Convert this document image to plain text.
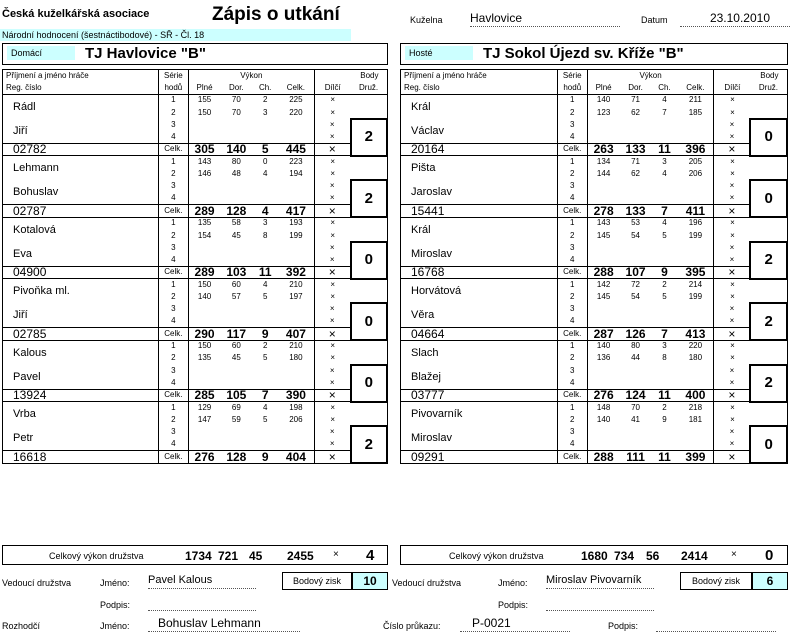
Česká kuželkářská asociace	Zápis o utkání
Národní hodnocení (šestnáctibodové) - SŘ - Čl. 18
Kuželna Havlovice	Datum	23.10.2010
Domácí	TJ Havlovice "B"	Hosté	TJ Sokol Újezd sv. Kříže "B"
Příjmení a jméno hráče	Série	Výkon				Body	
Reg. číslo	hodů	Plné	Dor.	Ch.	Celk.	Dílčí	Druž.
Rádl	1	155	70	2	225	×	
	2	150	70	3	220	×	
Jiří	3					×	2
	4					×	
02782	Celk.	305	140	5	445	×	
Lehmann	1	143	80	0	223	×	
	2	146	48	4	194	×	
Bohuslav	3					×	2
	4					×	
02787	Celk.	289	128	4	417	×	
Kotalová	1	135	58	3	193	×	
	2	154	45	8	199	×	
Eva	3					×	0
	4					×	
04900	Celk.	289	103	11	392	×	
Pivoňka ml.	1	150	60	4	210	×	
	2	140	57	5	197	×	
Jiří	3					×	0
	4					×	
02785	Celk.	290	117	9	407	×	
Kalous	1	150	60	2	210	×	
	2	135	45	5	180	×	
Pavel	3					×	0
	4					×	
13924	Celk.	285	105	7	390	×	
Vrba	1	129	69	4	198	×	
	2	147	59	5	206	×	
Petr	3					×	2
	4					×	
16618	Celk.	276	128	9	404	×	
Příjmení a jméno hráče	Série	Výkon				Body	
Reg. číslo	hodů	Plné	Dor.	Ch.	Celk.	Dílčí	Druž.
Král	1	140	71	4	211	×	
	2	123	62	7	185	×	
Václav	3					×	0
	4					×	
20164	Celk.	263	133	11	396	×	
Pišta	1	134	71	3	205	×	
	2	144	62	4	206	×	
Jaroslav	3					×	0
	4					×	
15441	Celk.	278	133	7	411	×	
Král	1	143	53	4	196	×	
	2	145	54	5	199	×	
Miroslav	3					×	2
	4					×	
16768	Celk.	288	107	9	395	×	
Horvátová	1	142	72	2	214	×	
	2	145	54	5	199	×	
Věra	3					×	2
	4					×	
04664	Celk.	287	126	7	413	×	
Slach	1	140	80	3	220	×	
	2	136	44	8	180	×	
Blažej	3					×	2
	4					×	
03777	Celk.	276	124	11	400	×	
Pivovarník	1	148	70	2	218	×	
	2	140	41	9	181	×	
Miroslav	3					×	0
	4					×	
09291	Celk.	288	111	11	399	×	
Celkový výkon družstva	1734 721 45 2455 × 4	Celkový výkon družstva	1680 734 56 2414 × 0
Vedoucí družstva	Jméno: Pavel Kalous	Bodový zisk	10	Vedoucí družstva	Jméno: Miroslav Pivovarník	Bodový zisk	6
Podpis:	Podpis:
Rozhodčí	Jméno:	Bohuslav Lehmann	Číslo průkazu:	P-0021	Podpis:
